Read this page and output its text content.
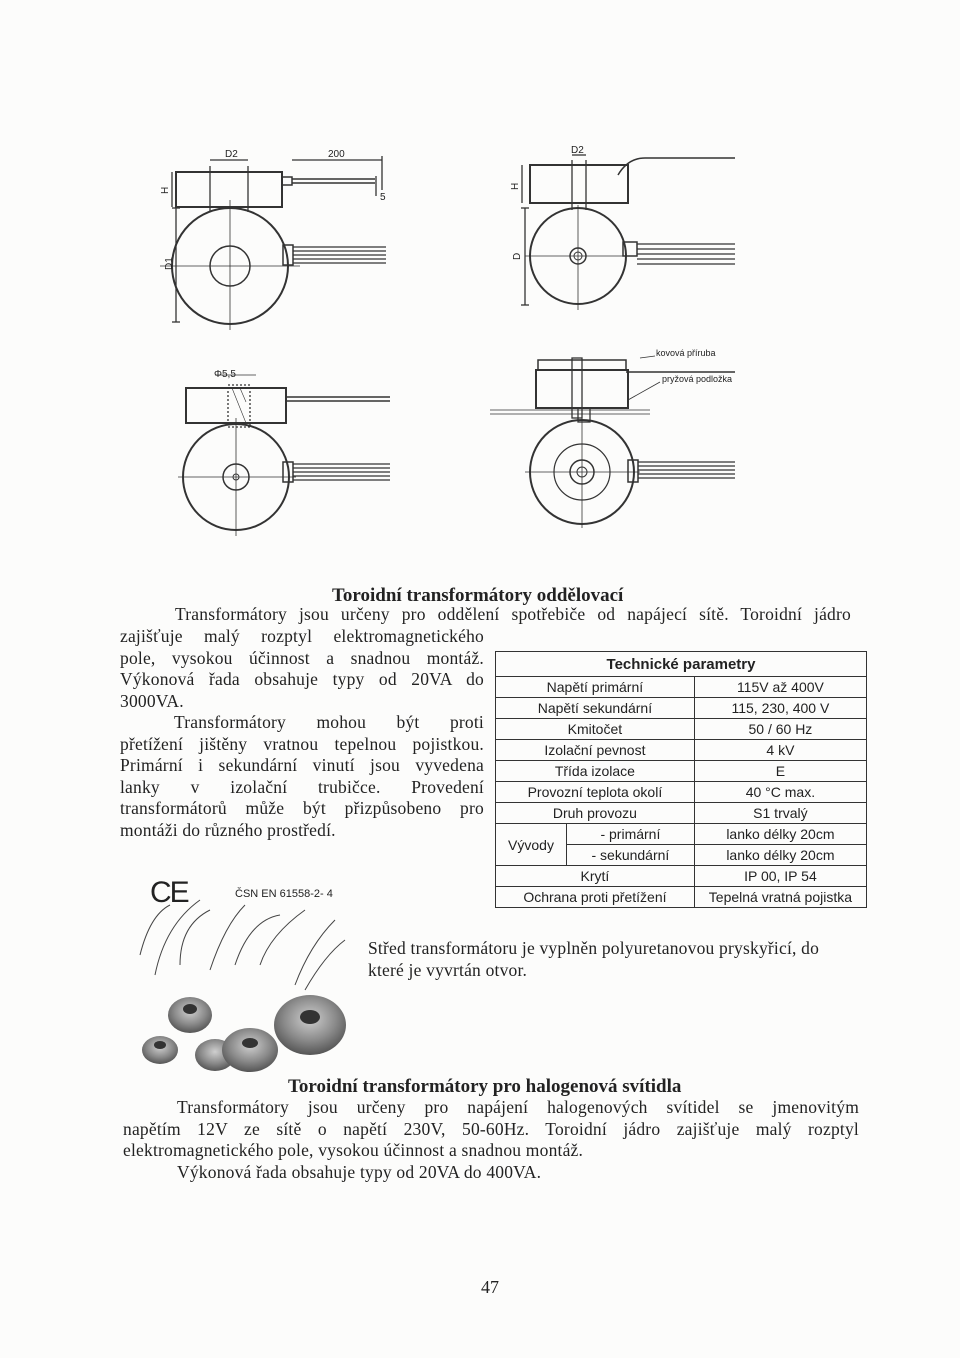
D2	200
5
H
D1
D2
H
D
Φ5,5
kovová příruba
pryžová podložka
Toroidní transformátory oddělovací
Transformátory jsou určeny pro oddělení spotřebiče od napájecí sítě. Toroidní jádro
zajišťuje malý rozptyl elektromagnetického
pole, vysokou účinnost a snadnou montáž.
Výkonová řada obsahuje typy od 20VA do
3000VA.
Transformátory mohou být proti
přetížení jištěny vratnou tepelnou pojistkou.
Primární i sekundární vinutí jsou vyvedena
lanky v izolační trubičce. Provedení
transformátorů může být přizpůsobeno pro
montáži do různého prostředí.
Technické parametry		
Napětí primární		115V až 400V
Napětí sekundární		115, 230, 400 V
Kmitočet		50 / 60 Hz
Izolační pevnost		4 kV
Třída izolace		E
Provozní teplota okolí		40 °C max.
Druh provozu		S1 trvalý
Vývody	- primární	lanko délky 20cm
	- sekundární	lanko délky 20cm
Krytí		IP 00, IP 54
Ochrana proti přetížení		Tepelná vratná pojistka
CE	ČSN EN 61558-2- 4
Střed transformátoru je vyplněn polyuretanovou pryskyřicí, do které je vyvrtán otvor.
Toroidní transformátory pro halogenová svítidla
Transformátory jsou určeny pro napájení halogenových svítidel se jmenovitým
napětím 12V ze sítě o napětí 230V, 50-60Hz. Toroidní jádro zajišťuje malý rozptyl
elektromagnetického pole, vysokou účinnost a snadnou montáž.
Výkonová řada obsahuje typy od 20VA do 400VA.
47
